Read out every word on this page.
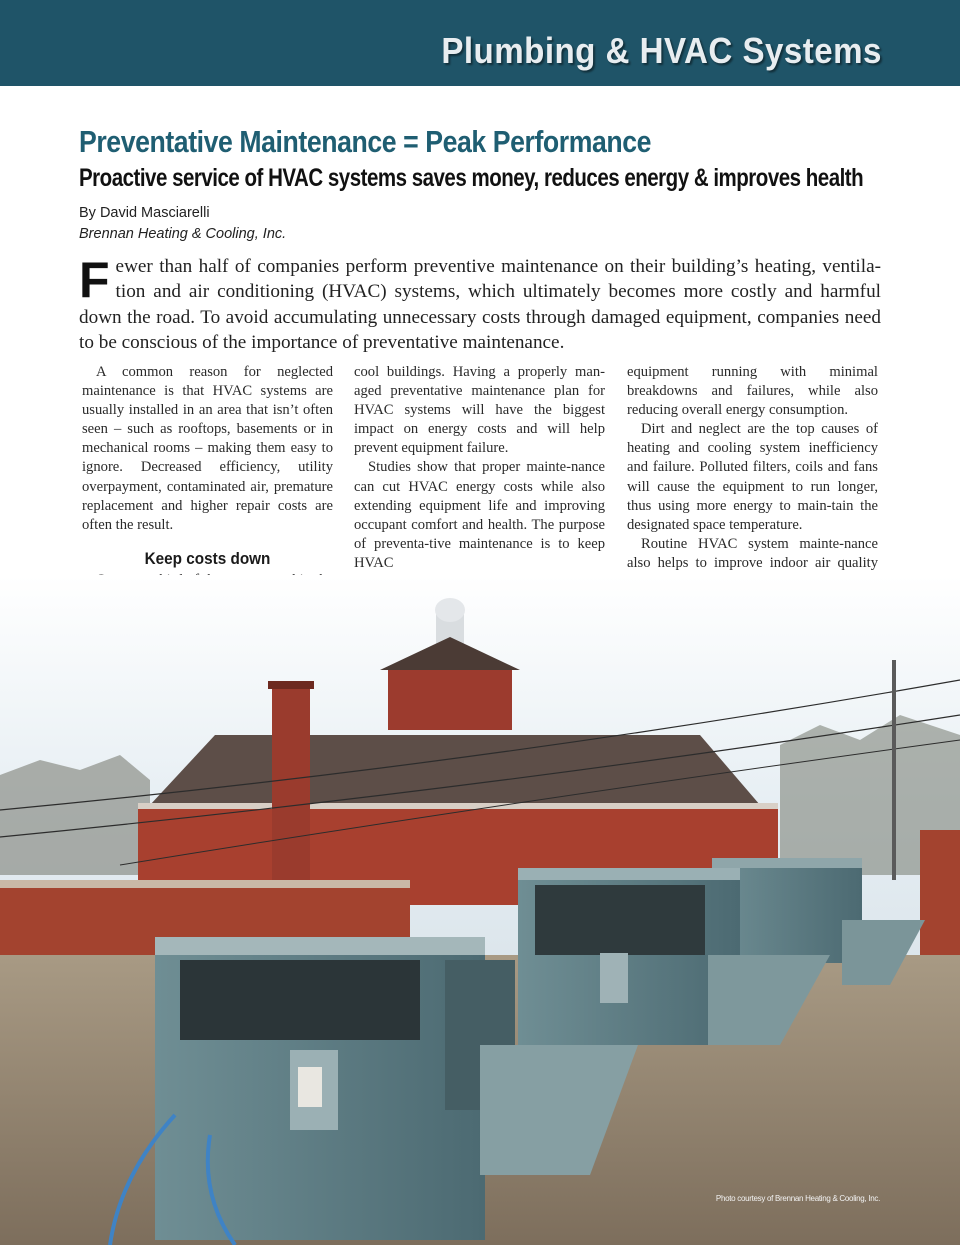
Plumbing & HVAC Systems
Preventative Maintenance = Peak Performance
Proactive service of HVAC systems saves money, reduces energy & improves health
By David Masciarelli
Brennan Heating & Cooling, Inc.

Fewer than half of companies perform preventive maintenance on their building’s heating, ventila-tion and air conditioning (HVAC) systems, which ultimately becomes more costly and harmful down the road. To avoid accumulating unnecessary costs through damaged equipment, companies need to be conscious of the importance of preventative maintenance.

A common reason for neglected maintenance is that HVAC systems are usually installed in an area that isn’t often seen – such as rooftops, basements or in mechanical rooms – making them easy to ignore. Decreased efficiency, utility overpayment, contaminated air, premature replacement and higher repair costs are often the result.

Keep costs down

cool buildings. Having a properly man-aged preventative maintenance plan for HVAC systems will have the biggest impact on energy costs and will help prevent equipment failure.

Studies show that proper mainte-nance can cut HVAC energy costs while also extending equipment life and improving occupant comfort and health. The purpose of preventa-tive maintenance is to keep HVAC

equipment running with minimal breakdowns and failures, while also reducing overall energy consumption.

Dirt and neglect are the top causes of heating and cooling system inefficiency and failure. Polluted filters, coils and fans will cause the equipment to run longer, thus using more energy to main-tain the designated space temperature.

Routine HVAC system mainte-nance also helps to improve indoor air quality

Photo courtesy of Brennan Heating & Cooling, Inc.
